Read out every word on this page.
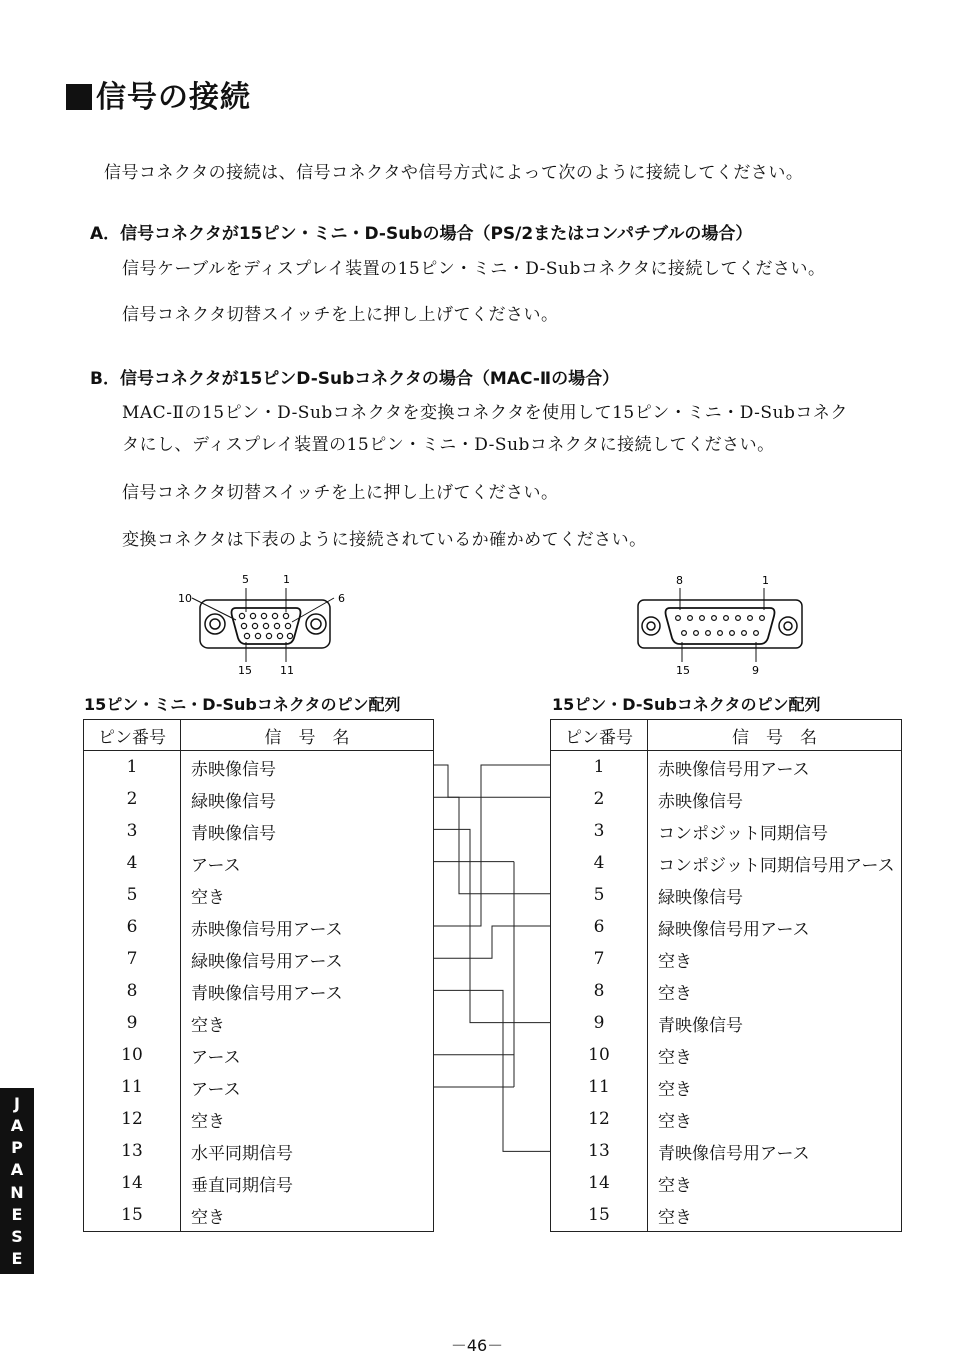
信号の接続
信号コネクタの接続は、信号コネクタや信号方式によって次のように接続してください。
A．信号コネクタが15ピン・ミニ・D-Subの場合（PS/2またはコンパチブルの場合）
信号ケーブルをディスプレイ装置の15ピン・ミニ・D-Subコネクタに接続してください。
信号コネクタ切替スイッチを上に押し上げてください。
B．信号コネクタが15ピンD-Subコネクタの場合（MAC-Ⅱの場合）
MAC-Ⅱの15ピン・D-Subコネクタを変換コネクタを使用して15ピン・ミニ・D-Subコネク
タにし、ディスプレイ装置の15ピン・ミニ・D-Subコネクタに接続してください。
信号コネクタ切替スイッチを上に押し上げてください。
変換コネクタは下表のように接続されているか確かめてください。
5	1
10	6
15	11
8	1
15	9
15ピン・ミニ・D-Subコネクタのピン配列	15ピン・D-Subコネクタのピン配列
ピン番号	信　号　名
1	赤映像信号
2	緑映像信号
3	青映像信号
4	アース
5	空き
6	赤映像信号用アース
7	緑映像信号用アース
8	青映像信号用アース
9	空き
10	アース
11	アース
12	空き
13	水平同期信号
14	垂直同期信号
15	空き
ピン番号	信　号　名
1	赤映像信号用アース
2	赤映像信号
3	コンポジット同期信号
4	コンポジット同期信号用アース
5	緑映像信号
6	緑映像信号用アース
7	空き
8	空き
9	青映像信号
10	空き
11	空き
12	空き
13	青映像信号用アース
14	空き
15	空き
J
A
P
A
N
E
S
E
－46－
